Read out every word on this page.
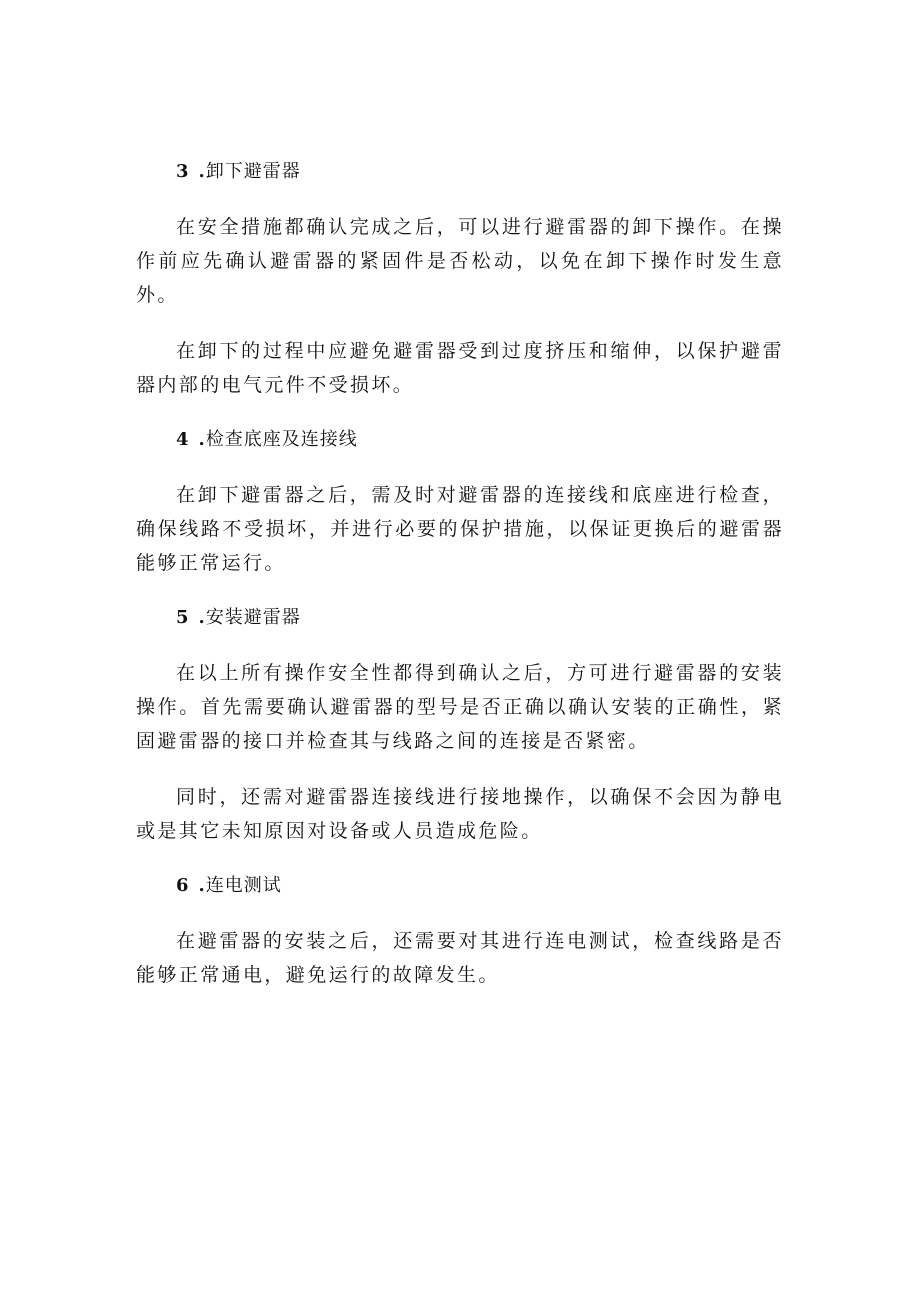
3 .卸下避雷器

在安全措施都确认完成之后，可以进行避雷器的卸下操作。在操作前应先确认避雷器的紧固件是否松动，以免在卸下操作时发生意外。

在卸下的过程中应避免避雷器受到过度挤压和缩伸，以保护避雷器内部的电气元件不受损坏。

4 .检查底座及连接线

在卸下避雷器之后，需及时对避雷器的连接线和底座进行检查，确保线路不受损坏，并进行必要的保护措施，以保证更换后的避雷器能够正常运行。

5 .安装避雷器

在以上所有操作安全性都得到确认之后，方可进行避雷器的安装操作。首先需要确认避雷器的型号是否正确以确认安装的正确性，紧固避雷器的接口并检查其与线路之间的连接是否紧密。

同时，还需对避雷器连接线进行接地操作，以确保不会因为静电或是其它未知原因对设备或人员造成危险。

6 .连电测试

在避雷器的安装之后，还需要对其进行连电测试，检查线路是否能够正常通电，避免运行的故障发生。
